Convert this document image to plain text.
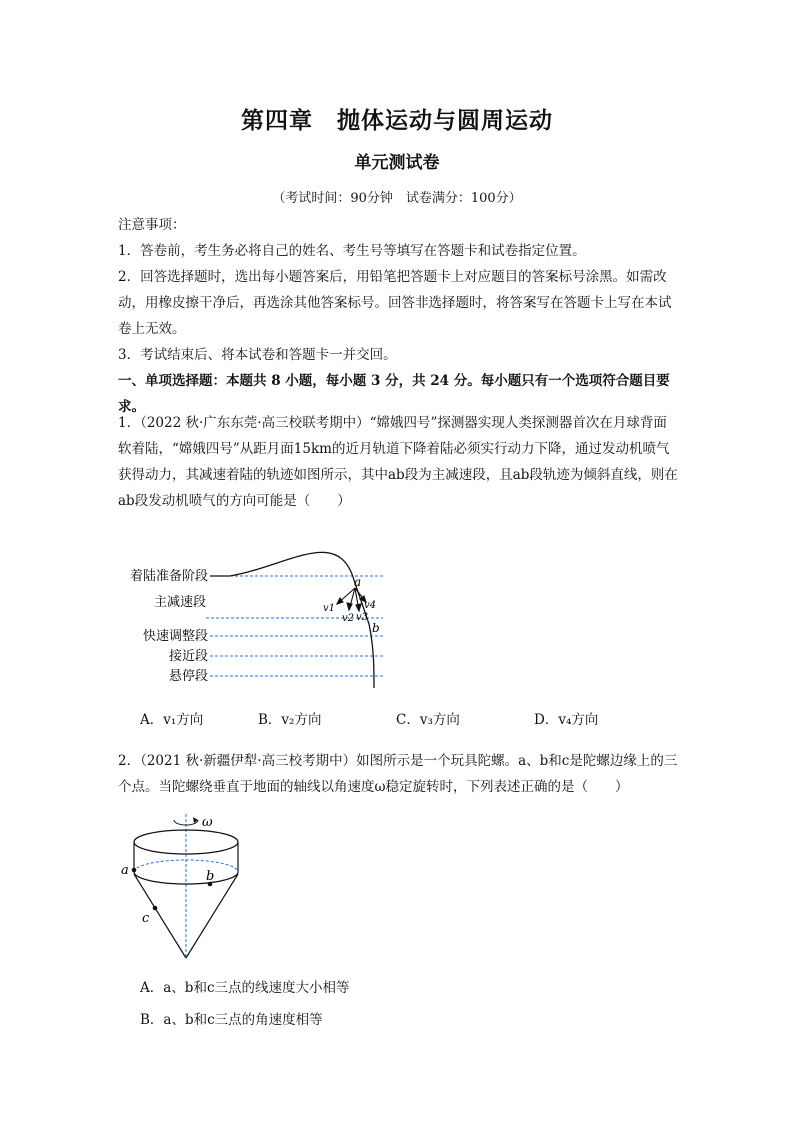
第四章　抛体运动与圆周运动
单元测试卷
（考试时间：90分钟　试卷满分：100分）

注意事项：

1．答卷前，考生务必将自己的姓名、考生号等填写在答题卡和试卷指定位置。

2．回答选择题时，选出每小题答案后，用铅笔把答题卡上对应题目的答案标号涂黑。如需改动，用橡皮擦干净后，再选涂其他答案标号。回答非选择题时，将答案写在答题卡上写在本试卷上无效。

3．考试结束后、将本试卷和答题卡一并交回。

一、单项选择题：本题共 8 小题，每小题 3 分，共 24 分。每小题只有一个选项符合题目要求。

1．（2022 秋·广东东莞·高三校联考期中）“嫦娥四号”探测器实现人类探测器首次在月球背面软着陆，“嫦娥四号”从距月面15km的近月轨道下降着陆必须实行动力下降，通过发动机喷气获得动力，其减速着陆的轨迹如图所示，其中ab段为主减速段，且ab段轨迹为倾斜直线，则在ab段发动机喷气的方向可能是（　　）

着陆准备阶段
主减速段
快速调整段
接近段
悬停段
a
b
v1
v2 v3
v4
A．v₁方向	B．v₂方向	C．v₃方向	D．v₄方向

2．（2021 秋·新疆伊犁·高三校考期中）如图所示是一个玩具陀螺。a、b和c是陀螺边缘上的三个点。当陀螺绕垂直于地面的轴线以角速度ω稳定旋转时，下列表述正确的是（　　）

ω
a	b
c
A．a、b和c三点的线速度大小相等
B．a、b和c三点的角速度相等
